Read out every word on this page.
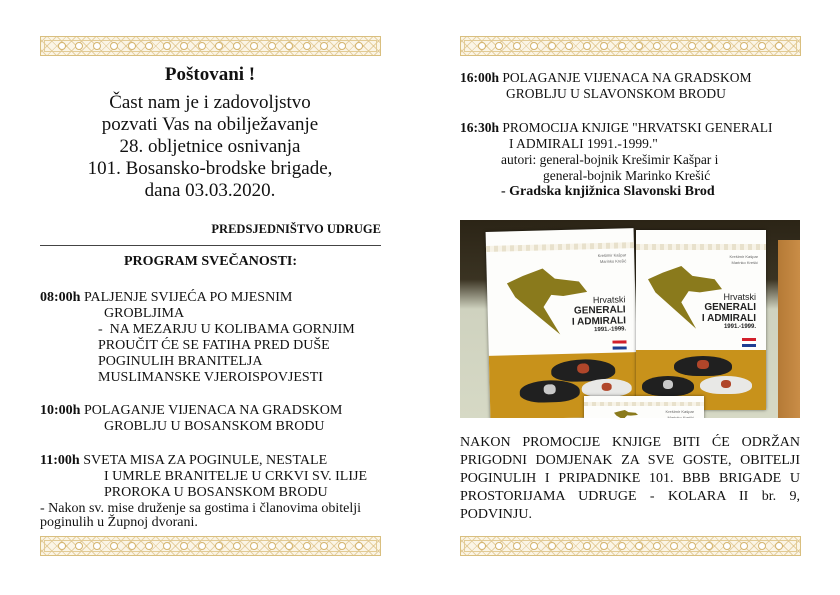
Poštovani !
Čast nam je i zadovoljstvo
pozvati Vas na obilježavanje
28. obljetnice osnivanja
101. Bosansko-brodske brigade,
dana 03.03.2020.
PREDSJEDNIŠTVO UDRUGE
PROGRAM SVEČANOSTI:
08:00h PALJENJE SVIJEĆA PO MJESNIM
GROBLJIMA
-  NA MEZARJU U KOLIBAMA GORNJIM
PROUČIT ĆE SE FATIHA PRED DUŠE
POGINULIH BRANITELJA
MUSLIMANSKE VJEROISPOVJESTI
10:00h POLAGANJE VIJENACA NA GRADSKOM
GROBLJU U BOSANSKOM BRODU
11:00h SVETA MISA ZA POGINULE, NESTALE
I UMRLE BRANITELJE U CRKVI SV. ILIJE
PROROKA U BOSANSKOM BRODU
- Nakon sv. mise druženje sa gostima i članovima obitelji
poginulih u Župnoj dvorani.
16:00h POLAGANJE VIJENACA NA GRADSKOM
GROBLJU U SLAVONSKOM BRODU
16:30h PROMOCIJA KNJIGE "HRVATSKI GENERALI
I ADMIRALI 1991.-1999."
autori: general-bojnik Krešimir Kašpar i
general-bojnik Marinko Krešić
- Gradska knjižnica Slavonski Brod
Krešimir Kašpar
Marinko Krešić
Hrvatski
GENERALI
I ADMIRALI
1991.-1999.
Krešimir Kašpar
Marinko Krešić
Hrvatski
GENERALI
I ADMIRALI
1991.-1999.
Krešimir Kašpar
Marinko Krešić
NAKON PROMOCIJE KNJIGE BITI ĆE ODRŽAN PRIGODNI DOMJENAK ZA SVE GOSTE, OBITELJI POGINULIH I PRIPADNIKE 101. BBB BRIGADE U PROSTORIJAMA UDRUGE - KOLARA II br. 9, PODVINJU.
